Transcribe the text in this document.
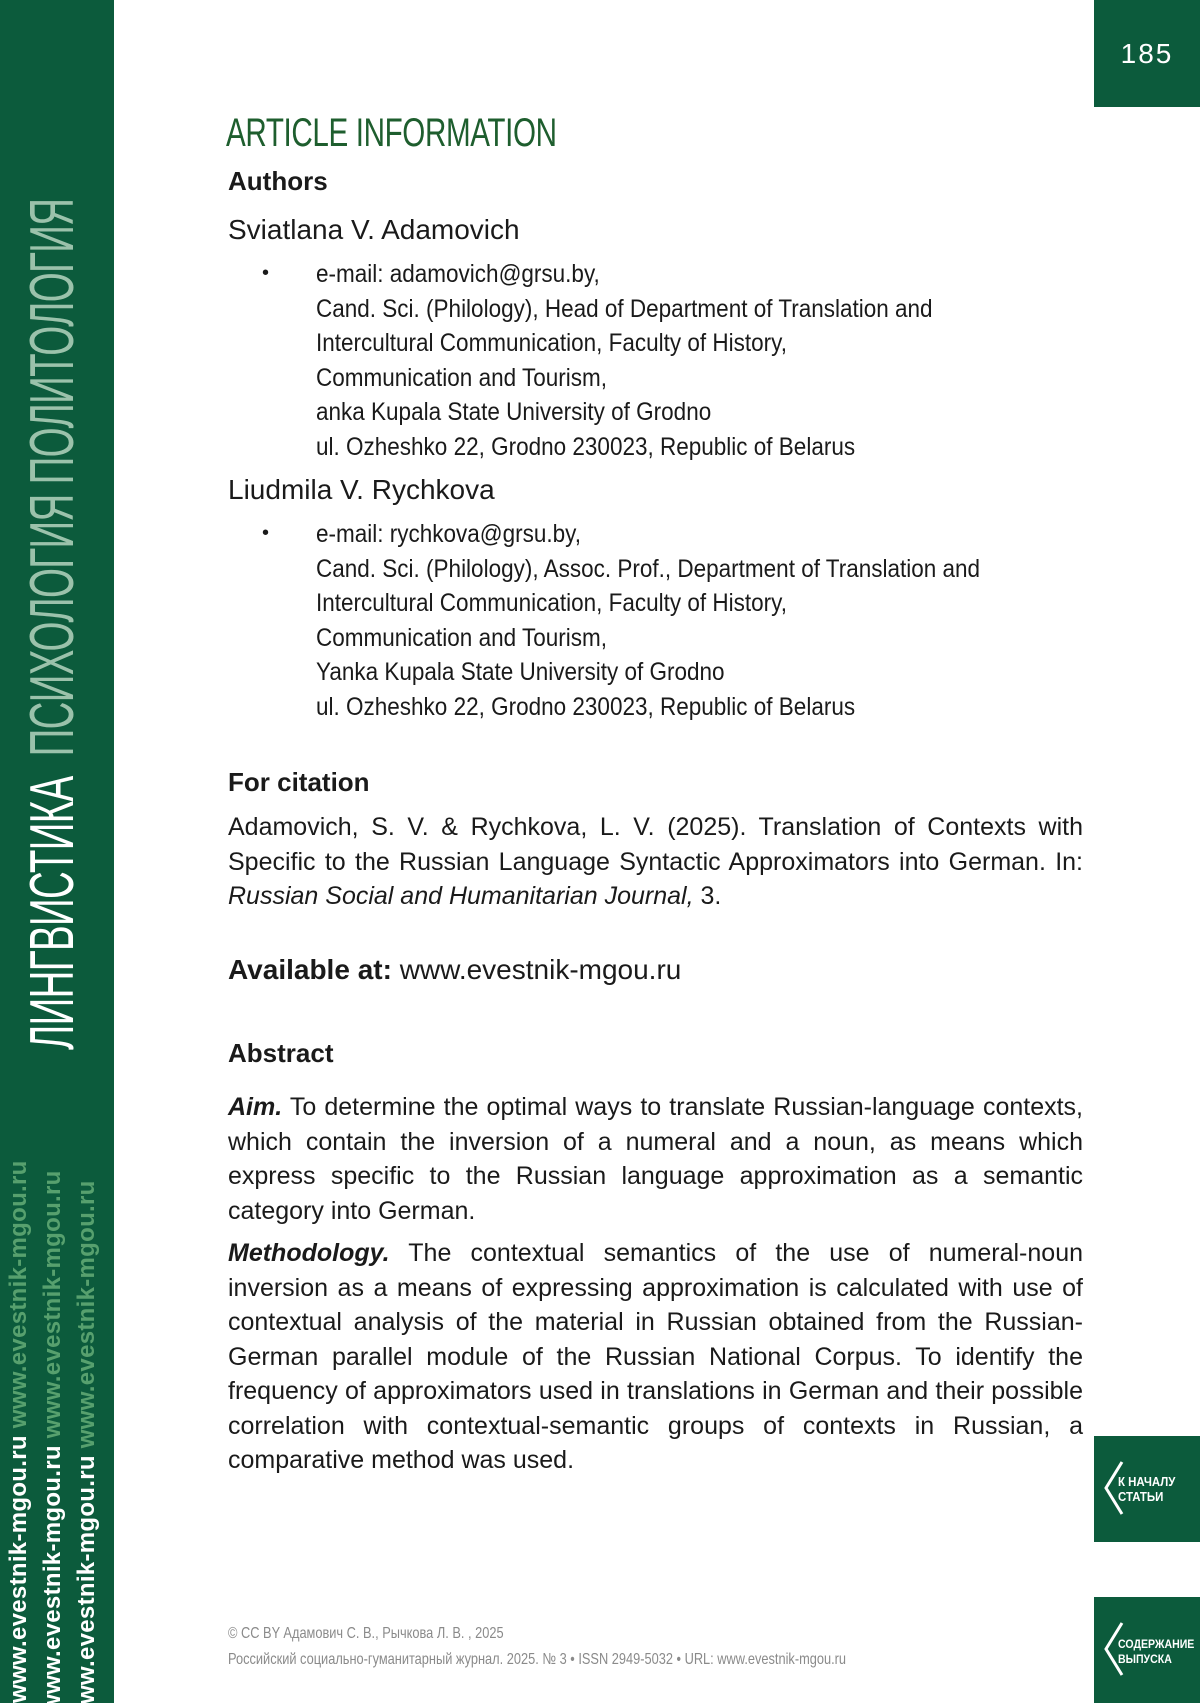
ЛИНГВИСТИКА  ПСИХОЛОГИЯ ПОЛИТОЛОГИЯ
www.evestnik-mgou.ru www.evestnik-mgou.ru
www.evestnik-mgou.ru www.evestnik-mgou.ru
www.evestnik-mgou.ru www.evestnik-mgou.ru
185
К НАЧАЛУ
СТАТЬИ
СОДЕРЖАНИЕ
ВЫПУСКА
ARTICLE INFORMATION
Authors
Sviatlana V. Adamovich
• e-mail: adamovich@grsu.by,
Cand. Sci. (Philology), Head of Department of Translation and
Intercultural Communication, Faculty of History,
Communication and Tourism,
anka Kupala State University of Grodno
ul. Ozheshko 22, Grodno 230023, Republic of Belarus
Liudmila V. Rychkova
• e-mail: rychkova@grsu.by,
Cand. Sci. (Philology), Assoc. Prof., Department of Translation and
Intercultural Communication, Faculty of History,
Communication and Tourism,
Yanka Kupala State University of Grodno
ul. Ozheshko 22, Grodno 230023, Republic of Belarus
For citation
Adamovich, S. V. & Rychkova, L. V. (2025). Translation of Contexts with Specific to the Russian Language Syntactic Approximators into German. In: Russian Social and Humanitarian Journal, 3.
Available at: www.evestnik-mgou.ru
Abstract
Aim. To determine the optimal ways to translate Russian-language contexts, which contain the inversion of a numeral and a noun, as means which express specific to the Russian language approximation as a semantic category into German.
Methodology. The contextual semantics of the use of numeral-noun inversion as a means of expressing approximation is calculated with use of contextual analysis of the material in Russian obtained from the Russian-German parallel module of the Russian National Corpus. To identify the frequency of approximators used in translations in German and their possible correlation with contextual-semantic groups of contexts in Russian, a comparative method was used.
© CC BY Адамович С. В., Рычкова Л. В. , 2025
Российский социально-гуманитарный журнал. 2025. № 3 • ISSN 2949-5032 • URL: www.evestnik-mgou.ru
